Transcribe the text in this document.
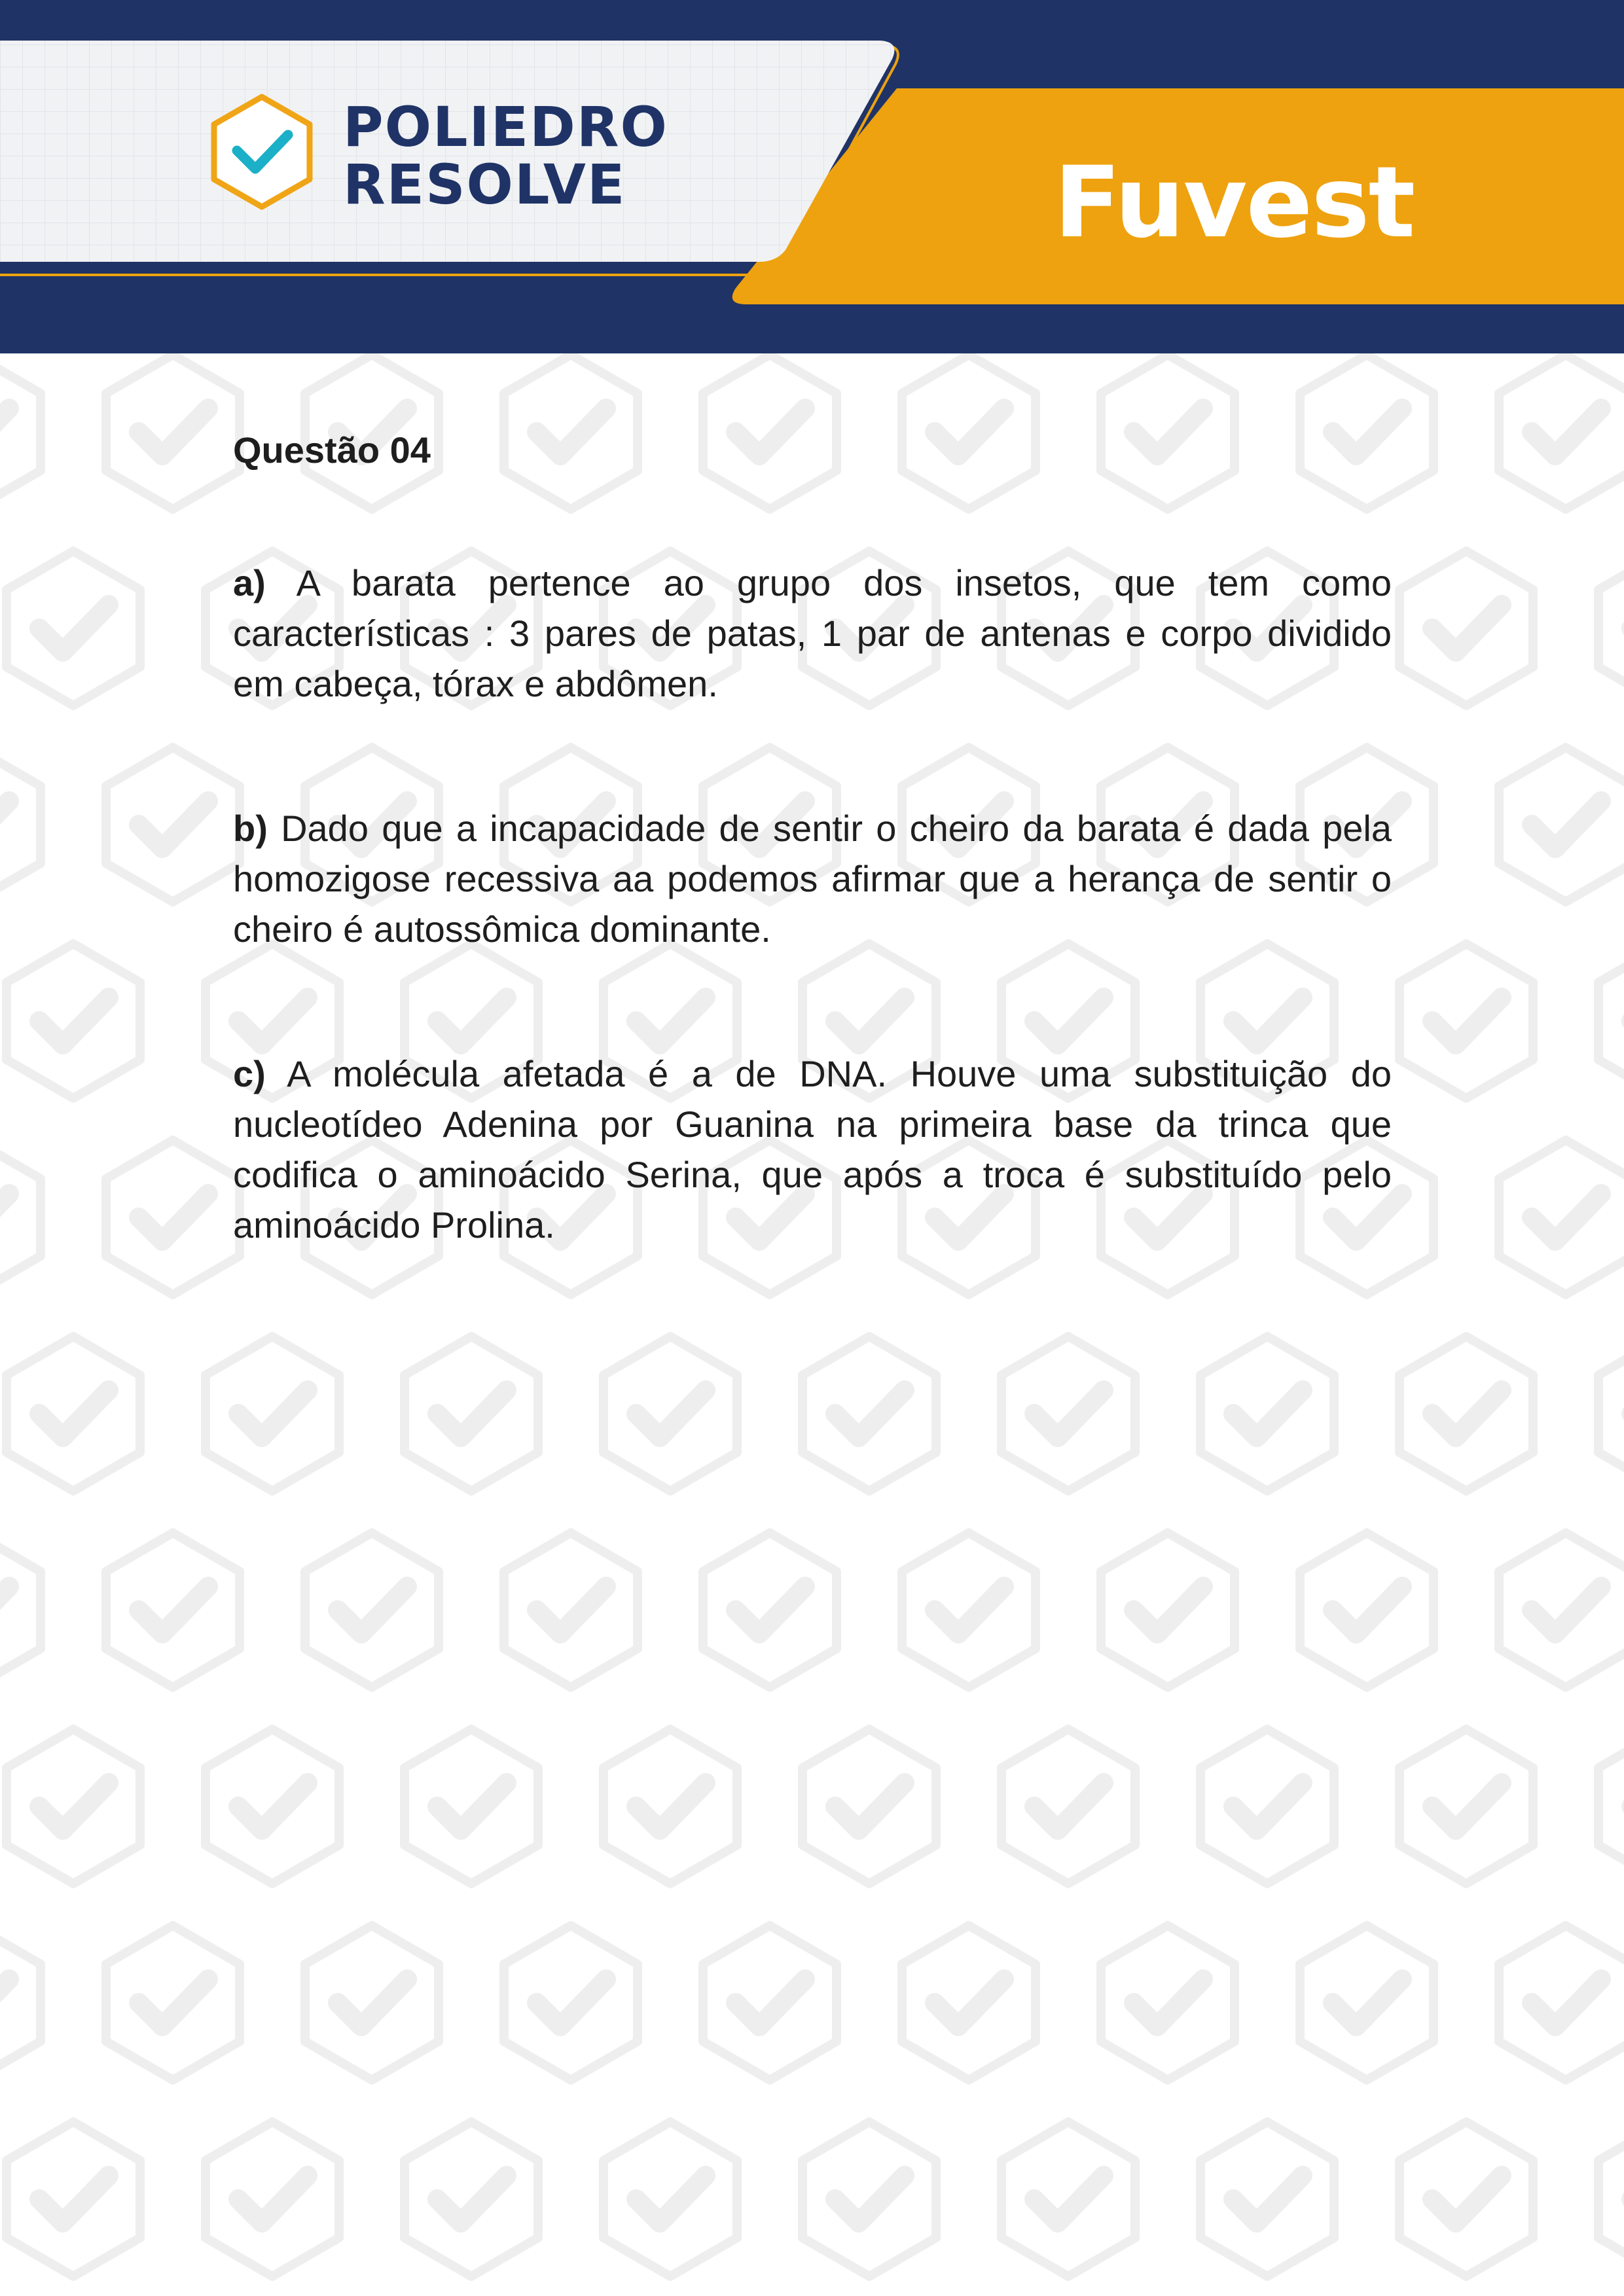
POLIEDRO
RESOLVE	Fuvest

Questão 04

a) A barata pertence ao grupo dos insetos, que tem como características : 3 pares de patas, 1 par de antenas e corpo dividido em cabeça, tórax e abdômen.

b) Dado que a incapacidade de sentir o cheiro da barata é dada pela homozigose recessiva aa podemos afirmar que a herança de sentir o cheiro é autossômica dominante.

c) A molécula afetada é a de DNA. Houve uma substituição do nucleotídeo Adenina por Guanina na primeira base da trinca que codifica o aminoácido Serina, que após a troca é substituído pelo aminoácido Prolina.
